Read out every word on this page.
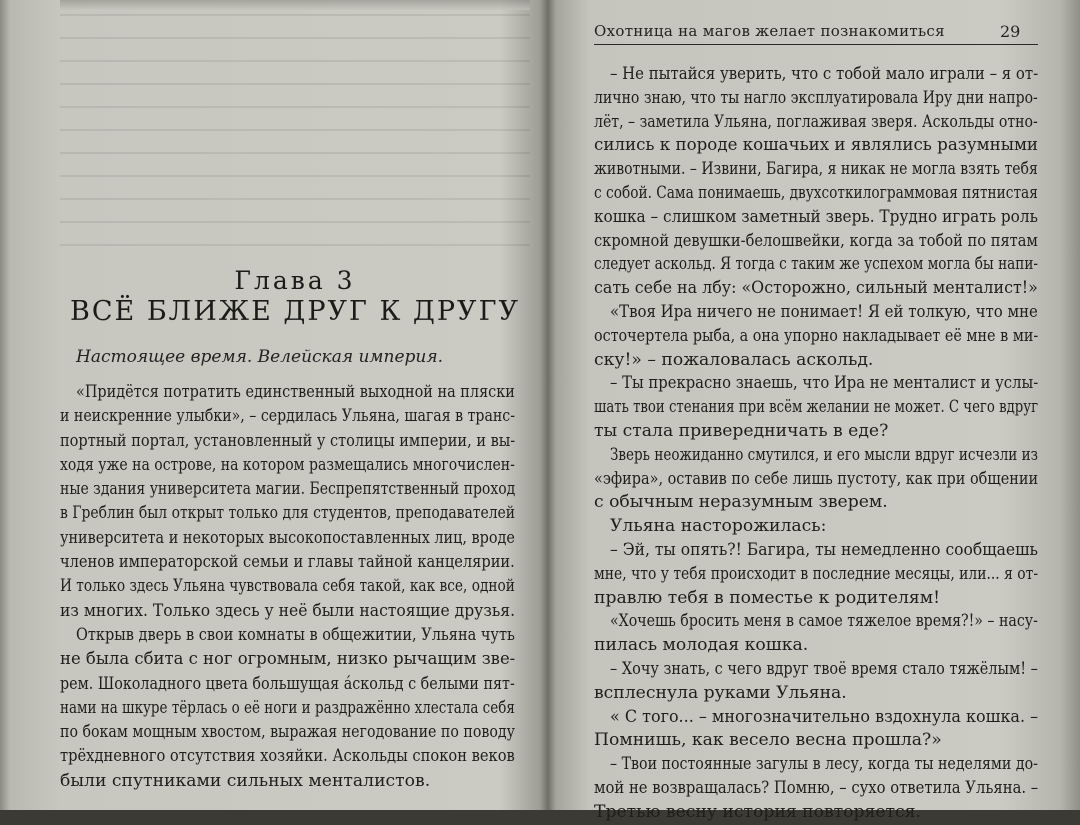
Глава 3
ВСЁ БЛИЖЕ ДРУГ К ДРУГУ
Настоящее время. Велейская империя.
«Придётся потратить единственный выходной на пляски
и неискренние улыбки», – сердилась Ульяна, шагая в транс-
портный портал, установленный у столицы империи, и вы-
ходя уже на острове, на котором размещались многочислен-
ные здания университета магии. Беспрепятственный проход
в Греблин был открыт только для студентов, преподавателей
университета и некоторых высокопоставленных лиц, вроде
членов императорской семьи и главы тайной канцелярии.
И только здесь Ульяна чувствовала себя такой, как все, одной
из многих. Только здесь у неё были настоящие друзья.
Открыв дверь в свои комнаты в общежитии, Ульяна чуть
не была сбита с ног огромным, низко рычащим зве-
рем. Шоколадного цвета большущая áскольд с белыми пят-
нами на шкуре тёрлась о её ноги и раздражённо хлестала себя
по бокам мощным хвостом, выражая негодование по поводу
трёхдневного отсутствия хозяйки. Аскольды спокон веков
были спутниками сильных менталистов.
Охотница на магов желает познакомиться	29
– Не пытайся уверить, что с тобой мало играли – я от-
лично знаю, что ты нагло эксплуатировала Иру дни напро-
лёт, – заметила Ульяна, поглаживая зверя. Аскольды отно-
сились к породе кошачьих и являлись разумными
животными. – Извини, Багира, я никак не могла взять тебя
с собой. Сама понимаешь, двухсоткилограммовая пятнистая
кошка – слишком заметный зверь. Трудно играть роль
скромной девушки-белошвейки, когда за тобой по пятам
следует аскольд. Я тогда с таким же успехом могла бы напи-
сать себе на лбу: «Осторожно, сильный менталист!»
«Твоя Ира ничего не понимает! Я ей толкую, что мне
осточертела рыба, а она упорно накладывает её мне в ми-
ску!» – пожаловалась аскольд.
– Ты прекрасно знаешь, что Ира не менталист и услы-
шать твои стенания при всём желании не может. С чего вдруг
ты стала привередничать в еде?
Зверь неожиданно смутился, и его мысли вдруг исчезли из
«эфира», оставив по себе лишь пустоту, как при общении
с обычным неразумным зверем.
Ульяна насторожилась:
– Эй, ты опять?! Багира, ты немедленно сообщаешь
мне, что у тебя происходит в последние месяцы, или... я от-
правлю тебя в поместье к родителям!
«Хочешь бросить меня в самое тяжелое время?!» – насу-
пилась молодая кошка.
– Хочу знать, с чего вдруг твоё время стало тяжёлым! –
всплеснула руками Ульяна.
« С того... – многозначительно вздохнула кошка. –
Помнишь, как весело весна прошла?»
– Твои постоянные загулы в лесу, когда ты неделями до-
мой не возвращалась? Помню, – сухо ответила Ульяна. –
Третью весну история повторяется.
